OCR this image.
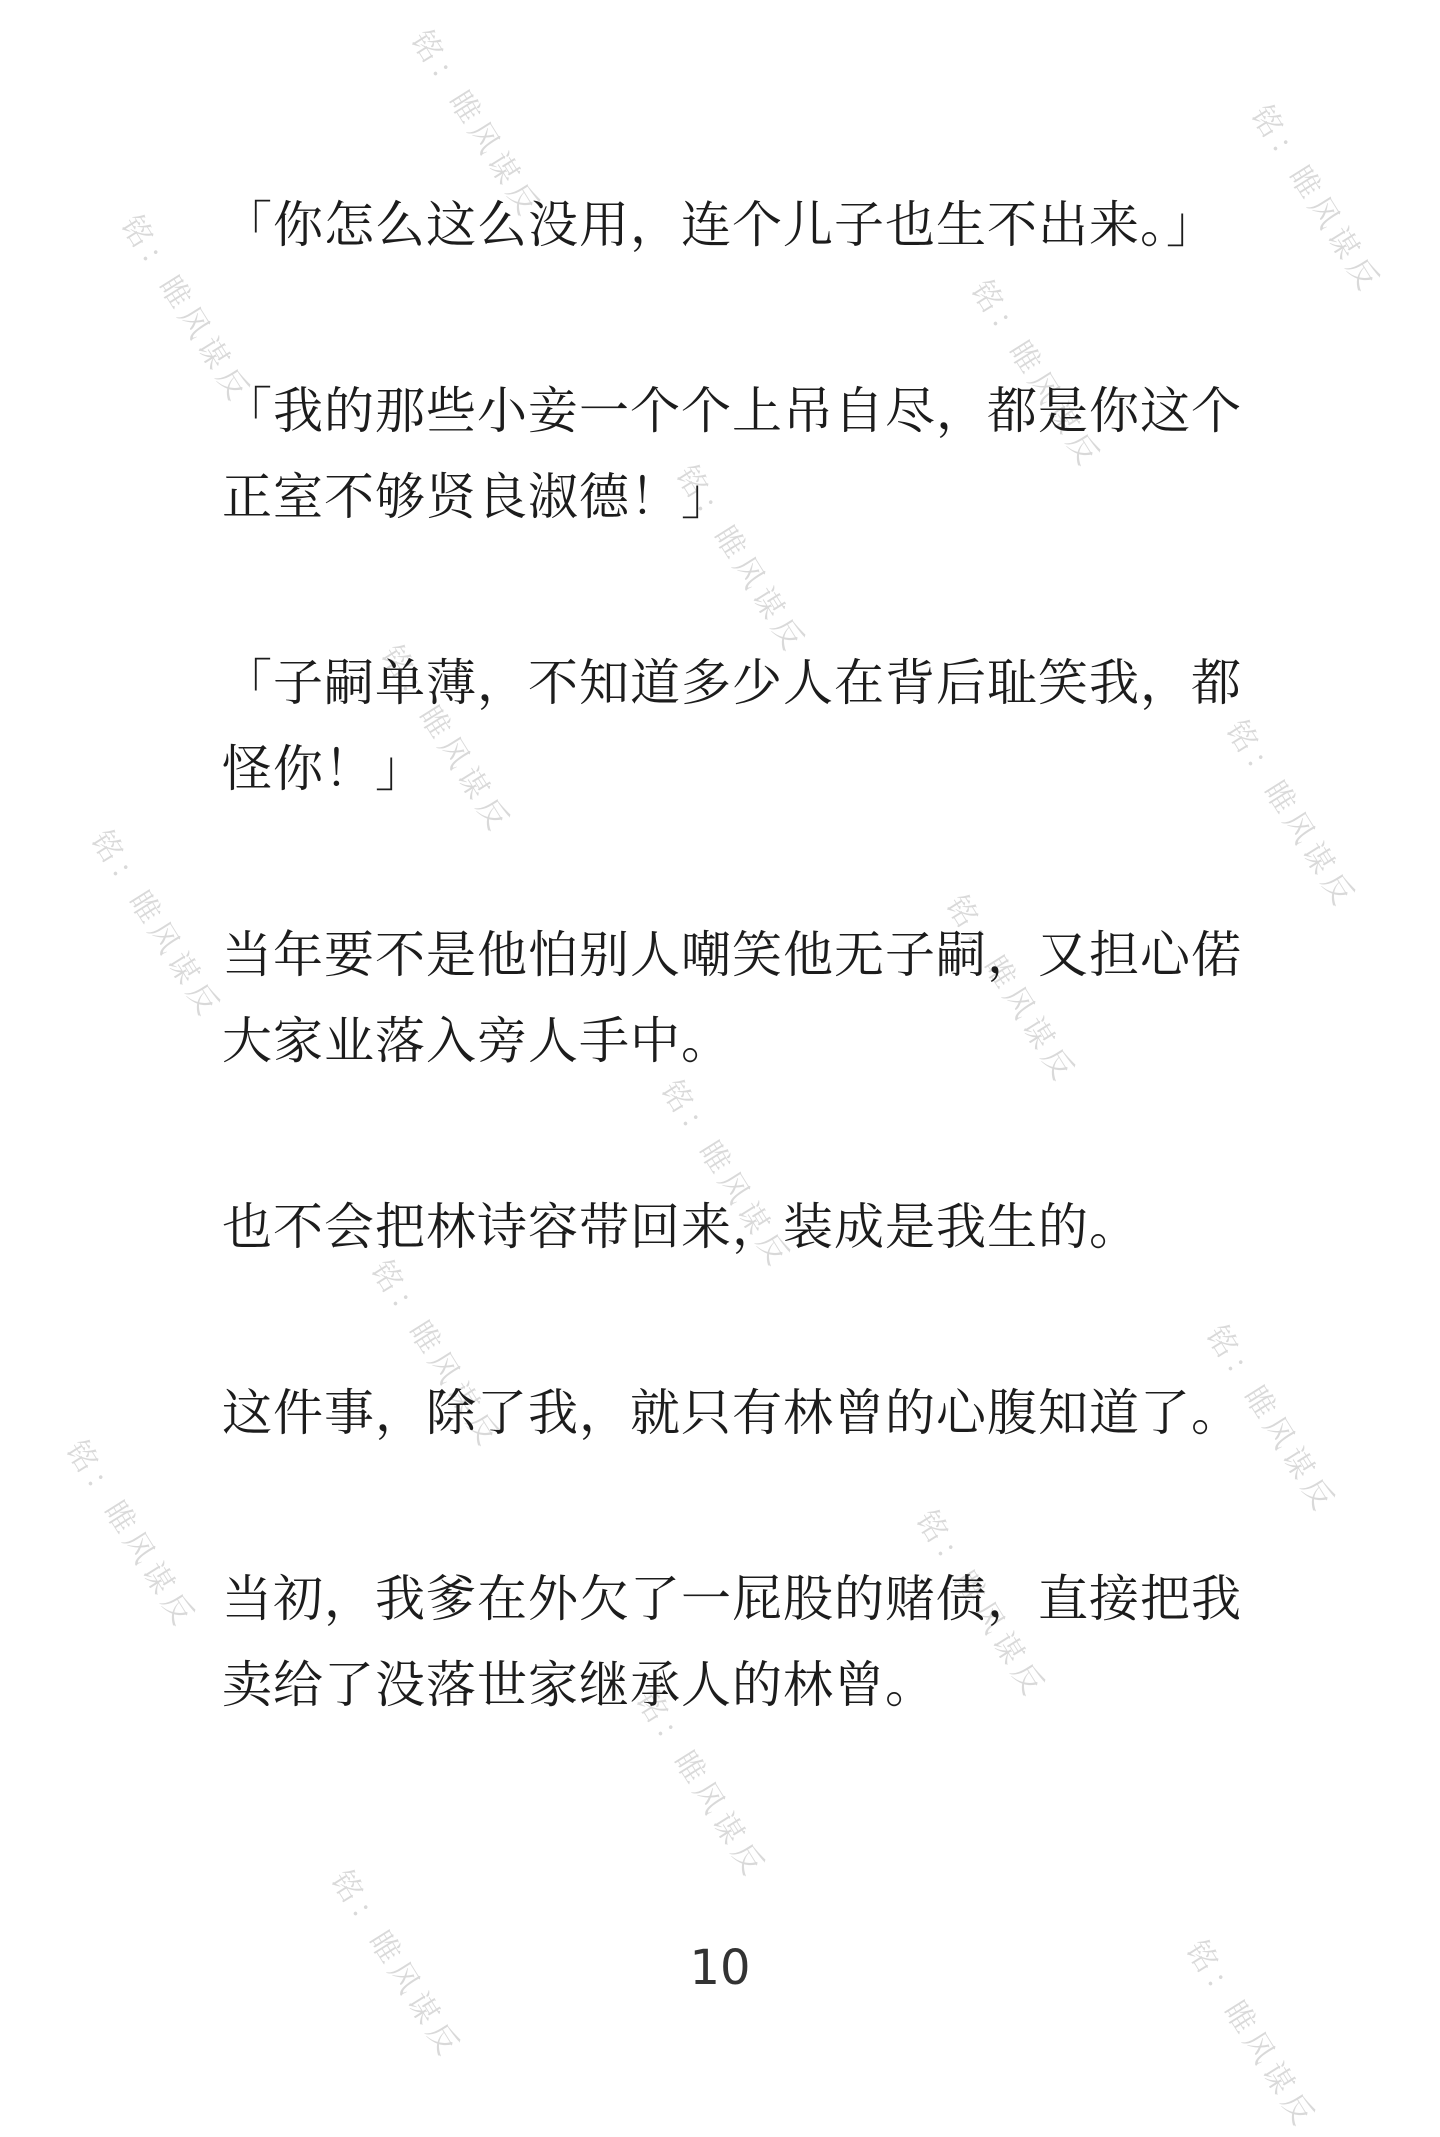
铭：睢风谋反	铭：睢风谋反
铭：睢风谋反	铭：睢风谋反
铭：睢风谋反
铭：睢风谋反	铭：睢风谋反
铭：睢风谋反	铭：睢风谋反
铭：睢风谋反
铭：睢风谋反	铭：睢风谋反
铭：睢风谋反	铭：睢风谋反
铭：睢风谋反
铭：睢风谋反	铭：睢风谋反

「你怎么这么没用，连个儿子也生不出来。」

「我的那些小妾一个个上吊自尽，都是你这个正室不够贤良淑德！」

「子嗣单薄，不知道多少人在背后耻笑我，都怪你！」

当年要不是他怕别人嘲笑他无子嗣，又担心偌大家业落入旁人手中。

也不会把林诗容带回来，装成是我生的。

这件事，除了我，就只有林曾的心腹知道了。

当初，我爹在外欠了一屁股的赌债，直接把我卖给了没落世家继承人的林曾。

10
